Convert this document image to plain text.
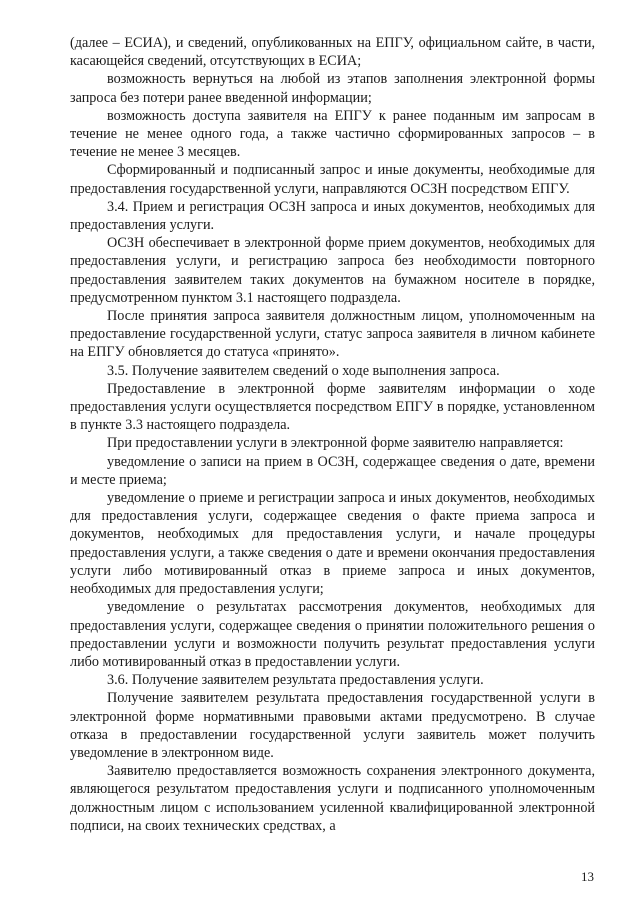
(далее – ЕСИА), и сведений, опубликованных на ЕПГУ, официальном сайте, в части, касающейся сведений, отсутствующих в ЕСИА;

возможность вернуться на любой из этапов заполнения электронной формы запроса без потери ранее введенной информации;

возможность доступа заявителя на ЕПГУ к ранее поданным им запросам в течение не менее одного года, а также частично сформированных запросов – в течение не менее 3 месяцев.

Сформированный и подписанный запрос и иные документы, необходимые для предоставления государственной услуги, направляются ОСЗН посредством ЕПГУ.

3.4. Прием и регистрация ОСЗН запроса и иных документов, необходимых для предоставления услуги.

ОСЗН обеспечивает в электронной форме прием документов, необходимых для предоставления услуги, и регистрацию запроса без необходимости повторного предоставления заявителем таких документов на бумажном носителе в порядке, предусмотренном пунктом 3.1 настоящего подраздела.

После принятия запроса заявителя должностным лицом, уполномоченным на предоставление государственной услуги, статус запроса заявителя в личном кабинете на ЕПГУ обновляется до статуса «принято».

3.5. Получение заявителем сведений о ходе выполнения запроса.

Предоставление в электронной форме заявителям информации о ходе предоставления услуги осуществляется посредством ЕПГУ в порядке, установленном в пункте 3.3 настоящего подраздела.

При предоставлении услуги в электронной форме заявителю направляется:

уведомление о записи на прием в ОСЗН, содержащее сведения о дате, времени и месте приема;

уведомление о приеме и регистрации запроса и иных документов, необходимых для предоставления услуги, содержащее сведения о факте приема запроса и документов, необходимых для предоставления услуги, и начале процедуры предоставления услуги, а также сведения о дате и времени окончания предоставления услуги либо мотивированный отказ в приеме запроса и иных документов, необходимых для предоставления услуги;

уведомление о результатах рассмотрения документов, необходимых для предоставления услуги, содержащее сведения о принятии положительного решения о предоставлении услуги и возможности получить результат предоставления услуги либо мотивированный отказ в предоставлении услуги.

3.6. Получение заявителем результата предоставления услуги.

Получение заявителем результата предоставления государственной услуги в электронной форме нормативными правовыми актами предусмотрено. В случае отказа в предоставлении государственной услуги заявитель может получить уведомление в электронном виде.

Заявителю предоставляется возможность сохранения электронного документа, являющегося результатом предоставления услуги и подписанного уполномоченным должностным лицом с использованием усиленной квалифицированной электронной подписи, на своих технических средствах, а

13
